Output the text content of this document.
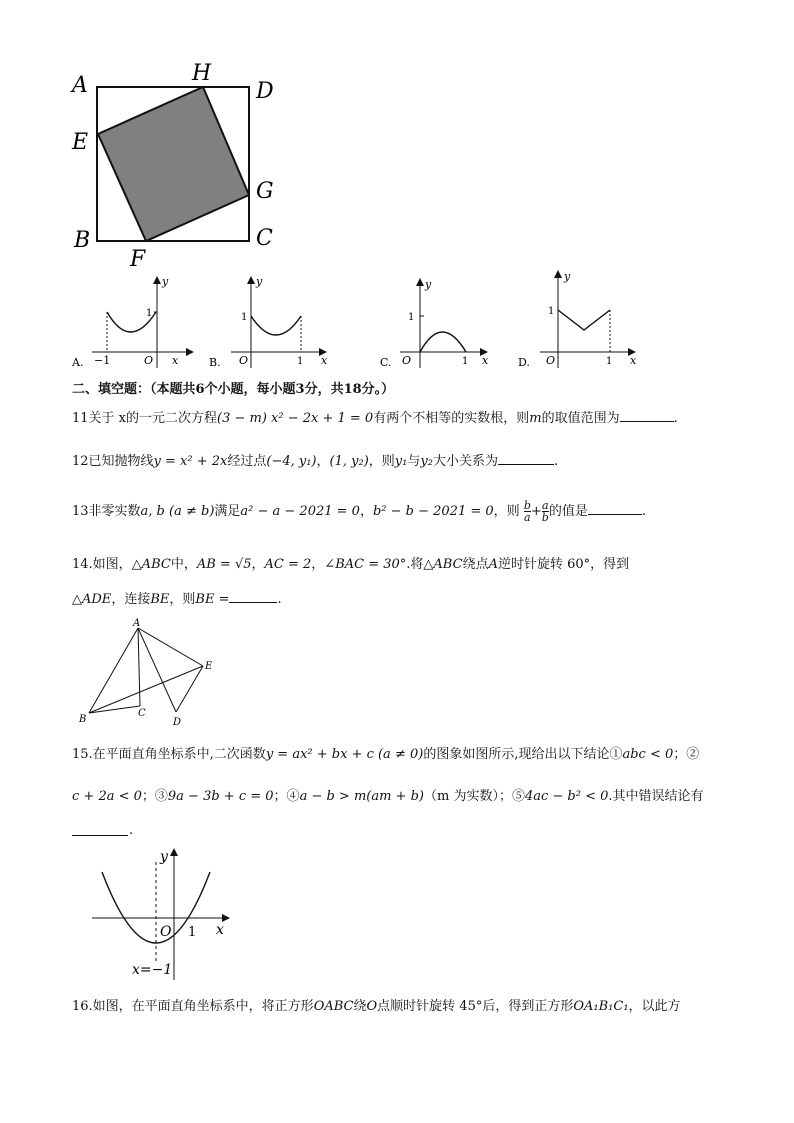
A	H
D
E
G
B	C
F
A.
y
1
−1	O x	B.
y
1
O	1 x	C.
y
1
O	1 x	D.
y
1
O	1 x
二、填空题：（本题共6个小题，每小题3分，共18分。）
11关于 x的一元二次方程(3 − m) x² − 2x + 1 = 0有两个不相等的实数根，则m的取值范围为	.
12已知抛物线y = x² + 2x经过点(−4, y₁)，(1, y₂)，则y₁与y₂大小关系为	.
13非零实数a, b (a ≠ b)满足a² − a − 2021 = 0，b² − b − 2021 = 0，则 $\frac{b}{a} + \frac{a}{b}$ 的值是	.
14.如图，△ABC中，AB = √5，AC = 2，∠BAC = 30°.将△ABC绕点A逆时针旋转 60°，得到
△ADE，连接BE，则BE =	.
A
E
B
C
D
15.在平面直角坐标系中,二次函数y = ax² + bx + c (a ≠ 0)的图象如图所示,现给出以下结论①abc < 0；②
c + 2a < 0；③9a − 3b + c = 0；④a − b > m(am + b)（m 为实数）；⑤4ac − b² < 0.其中错误结论有
.
y
x
O 1
x=−1
16.如图，在平面直角坐标系中，将正方形OABC绕O点顺时针旋转 45°后，得到正方形OA₁B₁C₁，以此方
